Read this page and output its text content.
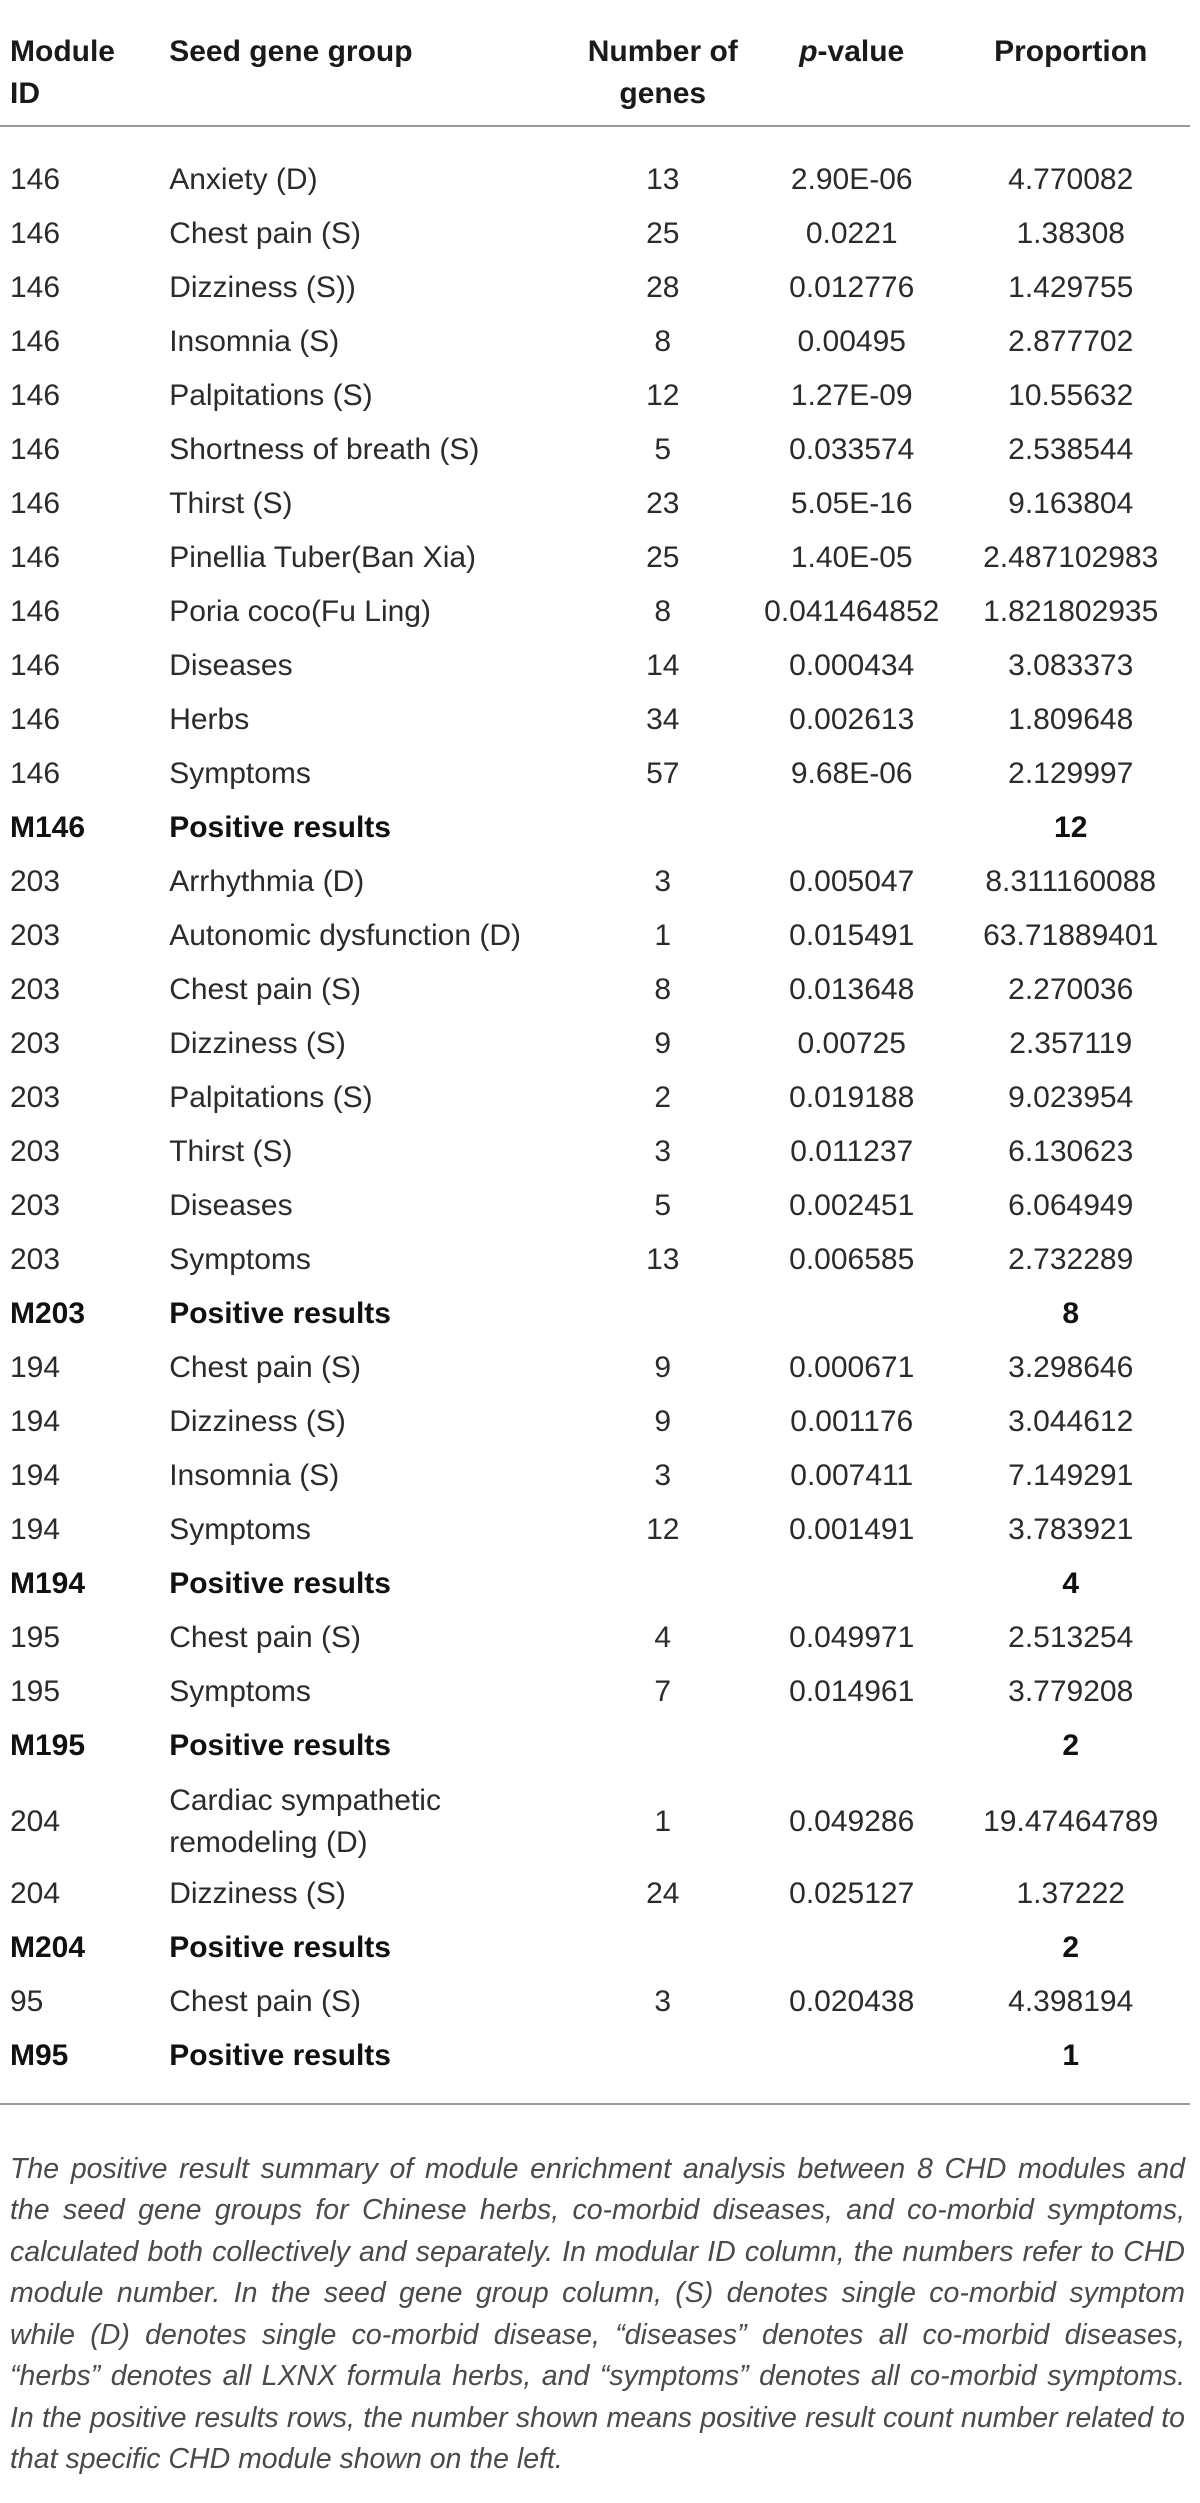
Module ID	Seed gene group	Number of genes	p-value	Proportion
146	Anxiety (D)	13	2.90E-06	4.770082
146	Chest pain (S)	25	0.0221	1.38308
146	Dizziness (S))	28	0.012776	1.429755
146	Insomnia (S)	8	0.00495	2.877702
146	Palpitations (S)	12	1.27E-09	10.55632
146	Shortness of breath (S)	5	0.033574	2.538544
146	Thirst (S)	23	5.05E-16	9.163804
146	Pinellia Tuber(Ban Xia)	25	1.40E-05	2.487102983
146	Poria coco(Fu Ling)	8	0.041464852	1.821802935
146	Diseases	14	0.000434	3.083373
146	Herbs	34	0.002613	1.809648
146	Symptoms	57	9.68E-06	2.129997
M146	Positive results			12
203	Arrhythmia (D)	3	0.005047	8.311160088
203	Autonomic dysfunction (D)	1	0.015491	63.71889401
203	Chest pain (S)	8	0.013648	2.270036
203	Dizziness (S)	9	0.00725	2.357119
203	Palpitations (S)	2	0.019188	9.023954
203	Thirst (S)	3	0.011237	6.130623
203	Diseases	5	0.002451	6.064949
203	Symptoms	13	0.006585	2.732289
M203	Positive results			8
194	Chest pain (S)	9	0.000671	3.298646
194	Dizziness (S)	9	0.001176	3.044612
194	Insomnia (S)	3	0.007411	7.149291
194	Symptoms	12	0.001491	3.783921
M194	Positive results			4
195	Chest pain (S)	4	0.049971	2.513254
195	Symptoms	7	0.014961	3.779208
M195	Positive results			2
204	Cardiac sympathetic remodeling (D)	1	0.049286	19.47464789
204	Dizziness (S)	24	0.025127	1.37222
M204	Positive results			2
95	Chest pain (S)	3	0.020438	4.398194
M95	Positive results			1

The positive result summary of module enrichment analysis between 8 CHD modules and the seed gene groups for Chinese herbs, co-morbid diseases, and co-morbid symptoms, calculated both collectively and separately. In modular ID column, the numbers refer to CHD module number. In the seed gene group column, (S) denotes single co-morbid symptom while (D) denotes single co-morbid disease, “diseases” denotes all co-morbid diseases, “herbs” denotes all LXNX formula herbs, and “symptoms” denotes all co-morbid symptoms. In the positive results rows, the number shown means positive result count number related to that specific CHD module shown on the left.
